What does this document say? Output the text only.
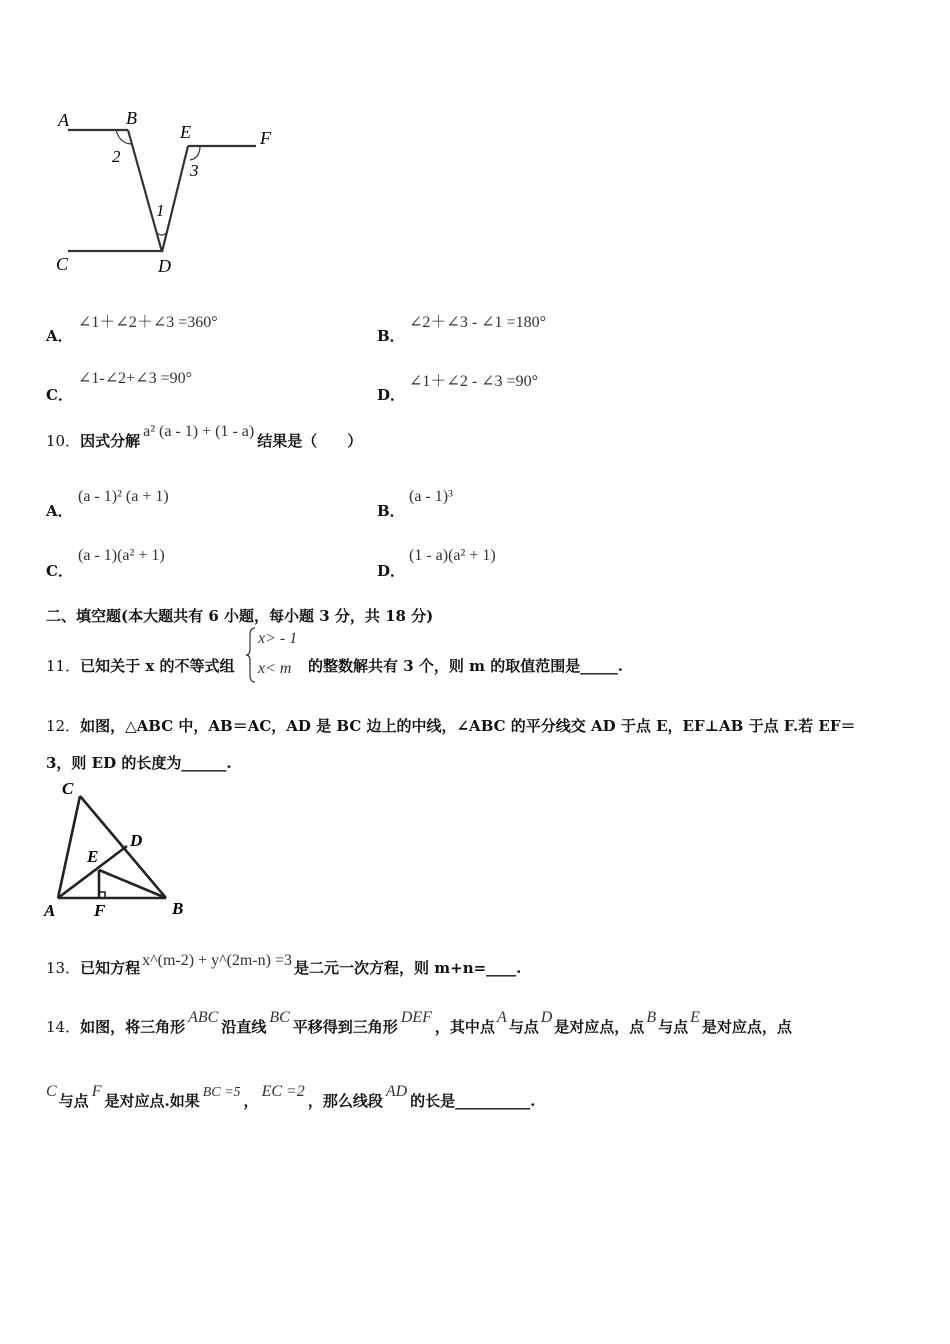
A	B
E	F
C	D
1
2
3
A．
∠1＋∠2＋∠3 =360°
B．
∠2＋∠3 - ∠1 =180°
C．
∠1-∠2+∠3 =90°
D．
∠1＋∠2 - ∠3 =90°
10．因式分解a² (a - 1) + (1 - a)结果是（　　）
A．
(a - 1)² (a + 1)
B．
(a - 1)³
C．
(a - 1)(a² + 1)
D．
(1 - a)(a² + 1)
二、填空题(本大题共有 6 小题，每小题 3 分，共 18 分)
11．已知关于 x 的不等式组
x> - 1
x< m 的整数解共有 3 个，则 m 的取值范围是_____.
12．如图，△ABC 中，AB＝AC，AD 是 BC 边上的中线，∠ABC 的平分线交 AD 于点 E，EF⊥AB 于点 F.若 EF＝
3，则 ED 的长度为______.
C
D
E
A F	B
13．已知方程 x^(m-2) + y^(2m-n) =3 是二元一次方程，则 m+n=____.
14．如图，将三角形ABC沿直线BC平移得到三角形DEF，其中点A与点D是对应点，点B与点E是对应点，点
C与点F是对应点.如果 BC =5 ，EC =2，那么线段AD的长是__________.
